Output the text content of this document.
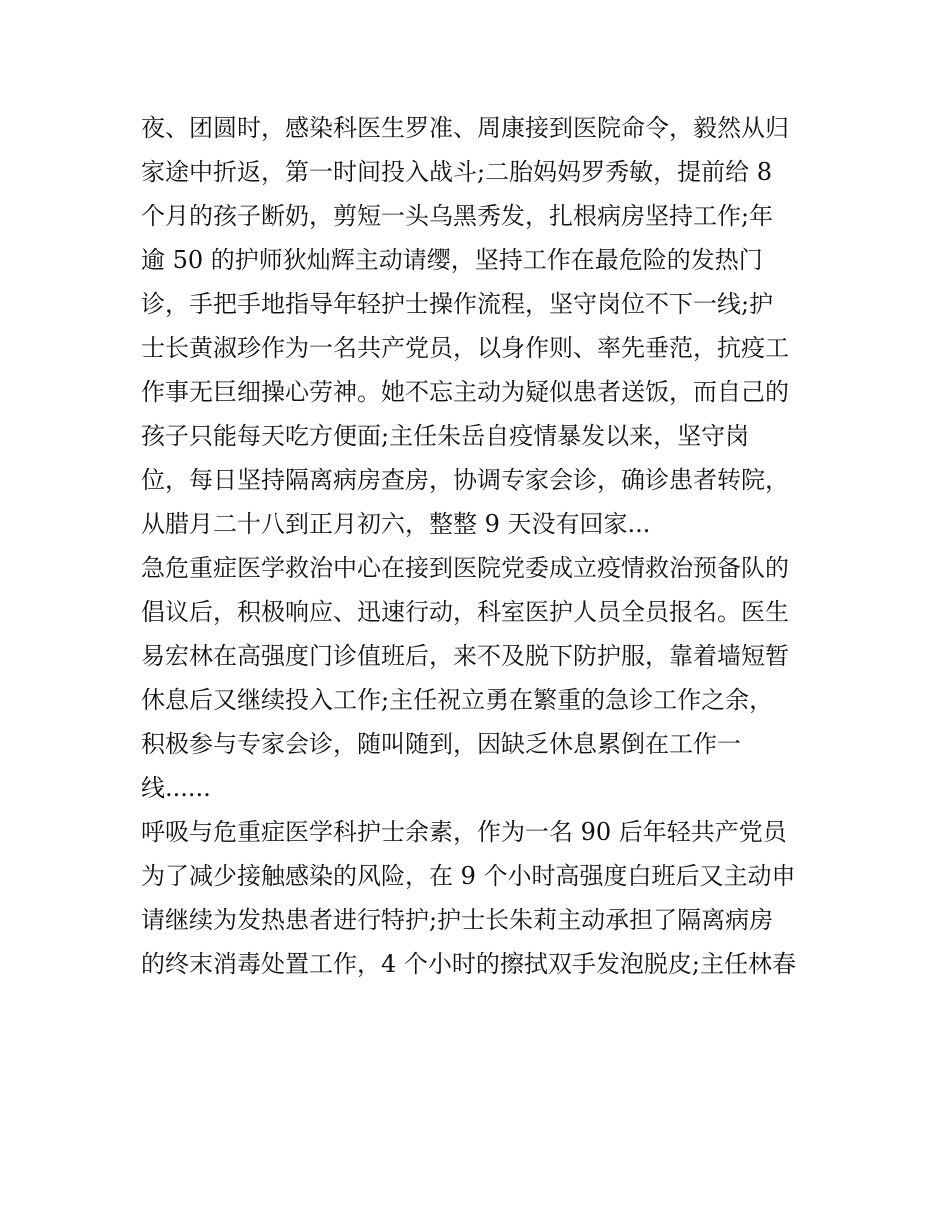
夜、团圆时，感染科医生罗准、周康接到医院命令，毅然从归
家途中折返，第一时间投入战斗;二胎妈妈罗秀敏，提前给 8
个月的孩子断奶，剪短一头乌黑秀发，扎根病房坚持工作;年
逾 50 的护师狄灿辉主动请缨，坚持工作在最危险的发热门
诊，手把手地指导年轻护士操作流程，坚守岗位不下一线;护
士长黄淑珍作为一名共产党员，以身作则、率先垂范，抗疫工
作事无巨细操心劳神。她不忘主动为疑似患者送饭，而自己的
孩子只能每天吃方便面;主任朱岳自疫情暴发以来，坚守岗
位，每日坚持隔离病房查房，协调专家会诊，确诊患者转院，
从腊月二十八到正月初六，整整 9 天没有回家...
急危重症医学救治中心在接到医院党委成立疫情救治预备队的
倡议后，积极响应、迅速行动，科室医护人员全员报名。医生
易宏林在高强度门诊值班后，来不及脱下防护服，靠着墙短暂
休息后又继续投入工作;主任祝立勇在繁重的急诊工作之余，
积极参与专家会诊，随叫随到，因缺乏休息累倒在工作一
线......
呼吸与危重症医学科护士余素，作为一名 90 后年轻共产党员
为了减少接触感染的风险，在 9 个小时高强度白班后又主动申
请继续为发热患者进行特护;护士长朱莉主动承担了隔离病房
的终末消毒处置工作，4 个小时的擦拭双手发泡脱皮;主任林春
